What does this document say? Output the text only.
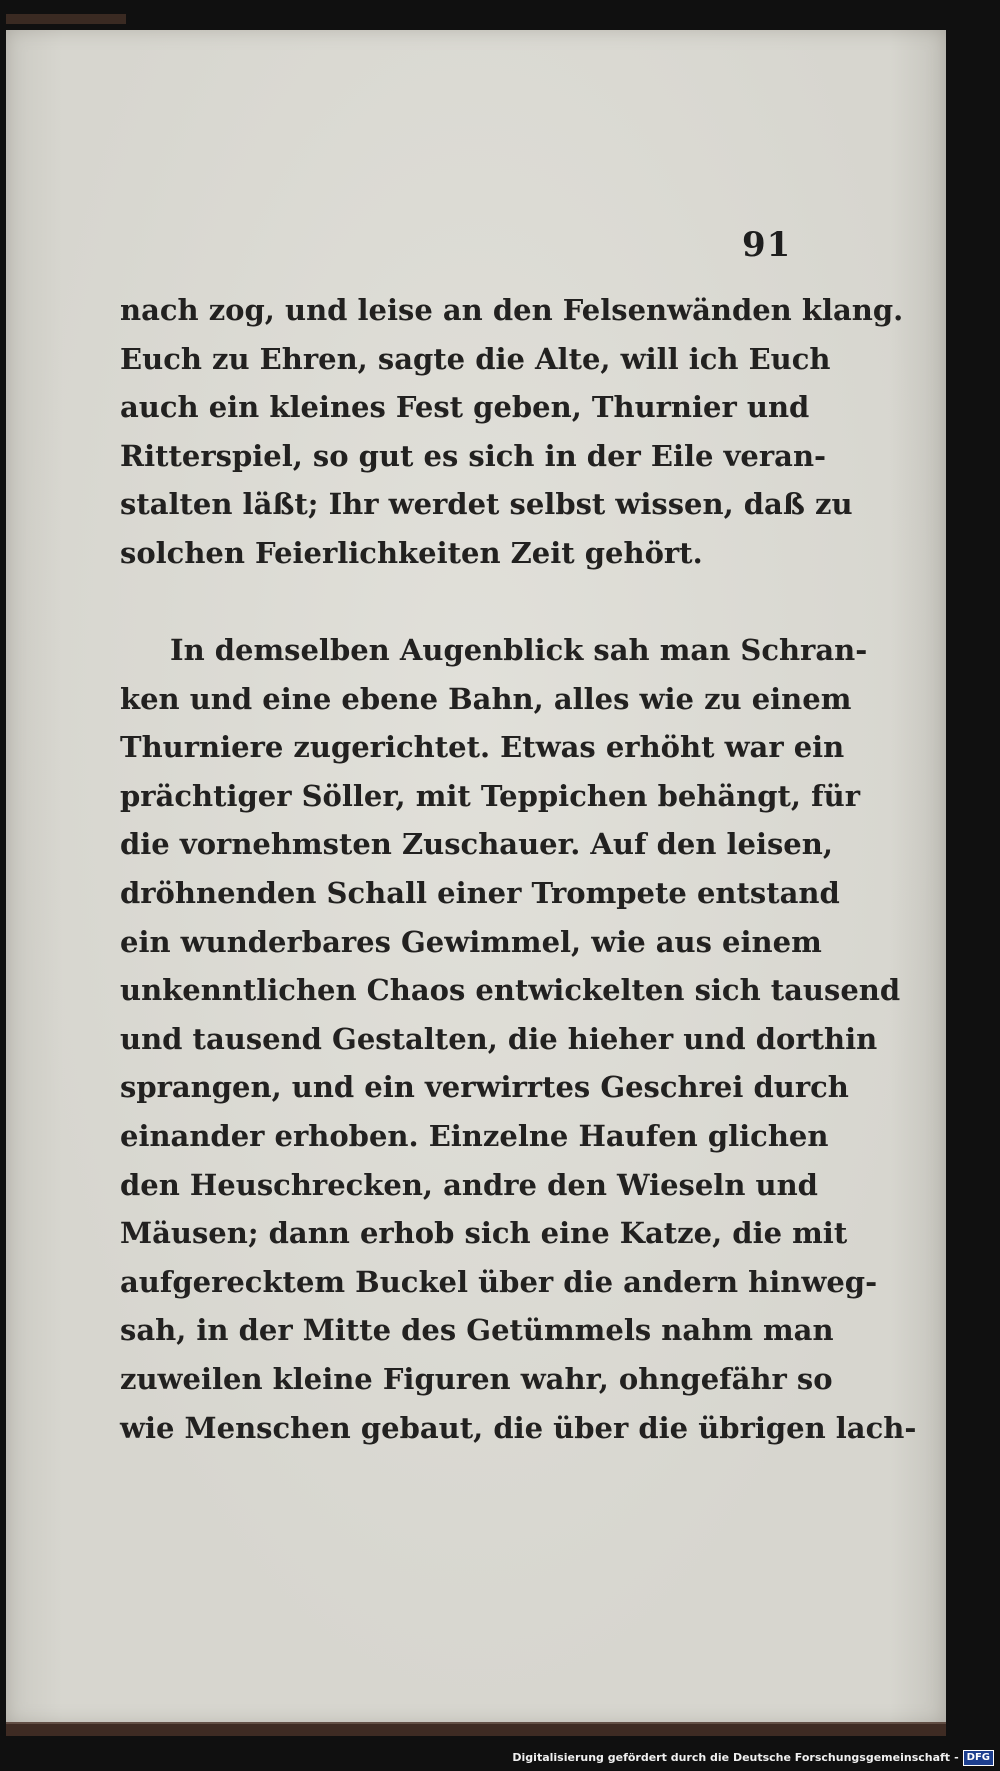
91
nach zog, und leise an den Felsenwänden klang.
Euch zu Ehren, sagte die Alte, will ich Euch
auch ein kleines Fest geben, Thurnier und
Ritterspiel, so gut es sich in der Eile veran-
stalten läßt; Ihr werdet selbst wissen, daß zu
solchen Feierlichkeiten Zeit gehört.
In demselben Augenblick sah man Schran-
ken und eine ebene Bahn, alles wie zu einem
Thurniere zugerichtet. Etwas erhöht war ein
prächtiger Söller, mit Teppichen behängt, für
die vornehmsten Zuschauer. Auf den leisen,
dröhnenden Schall einer Trompete entstand
ein wunderbares Gewimmel, wie aus einem
unkenntlichen Chaos entwickelten sich tausend
und tausend Gestalten, die hieher und dorthin
sprangen, und ein verwirrtes Geschrei durch
einander erhoben. Einzelne Haufen glichen
den Heuschrecken, andre den Wieseln und
Mäusen; dann erhob sich eine Katze, die mit
aufgerecktem Buckel über die andern hinweg-
sah, in der Mitte des Getümmels nahm man
zuweilen kleine Figuren wahr, ohngefähr so
wie Menschen gebaut, die über die übrigen lach-
Digitalisierung gefördert durch die Deutsche Forschungsgemeinschaft - DFG
